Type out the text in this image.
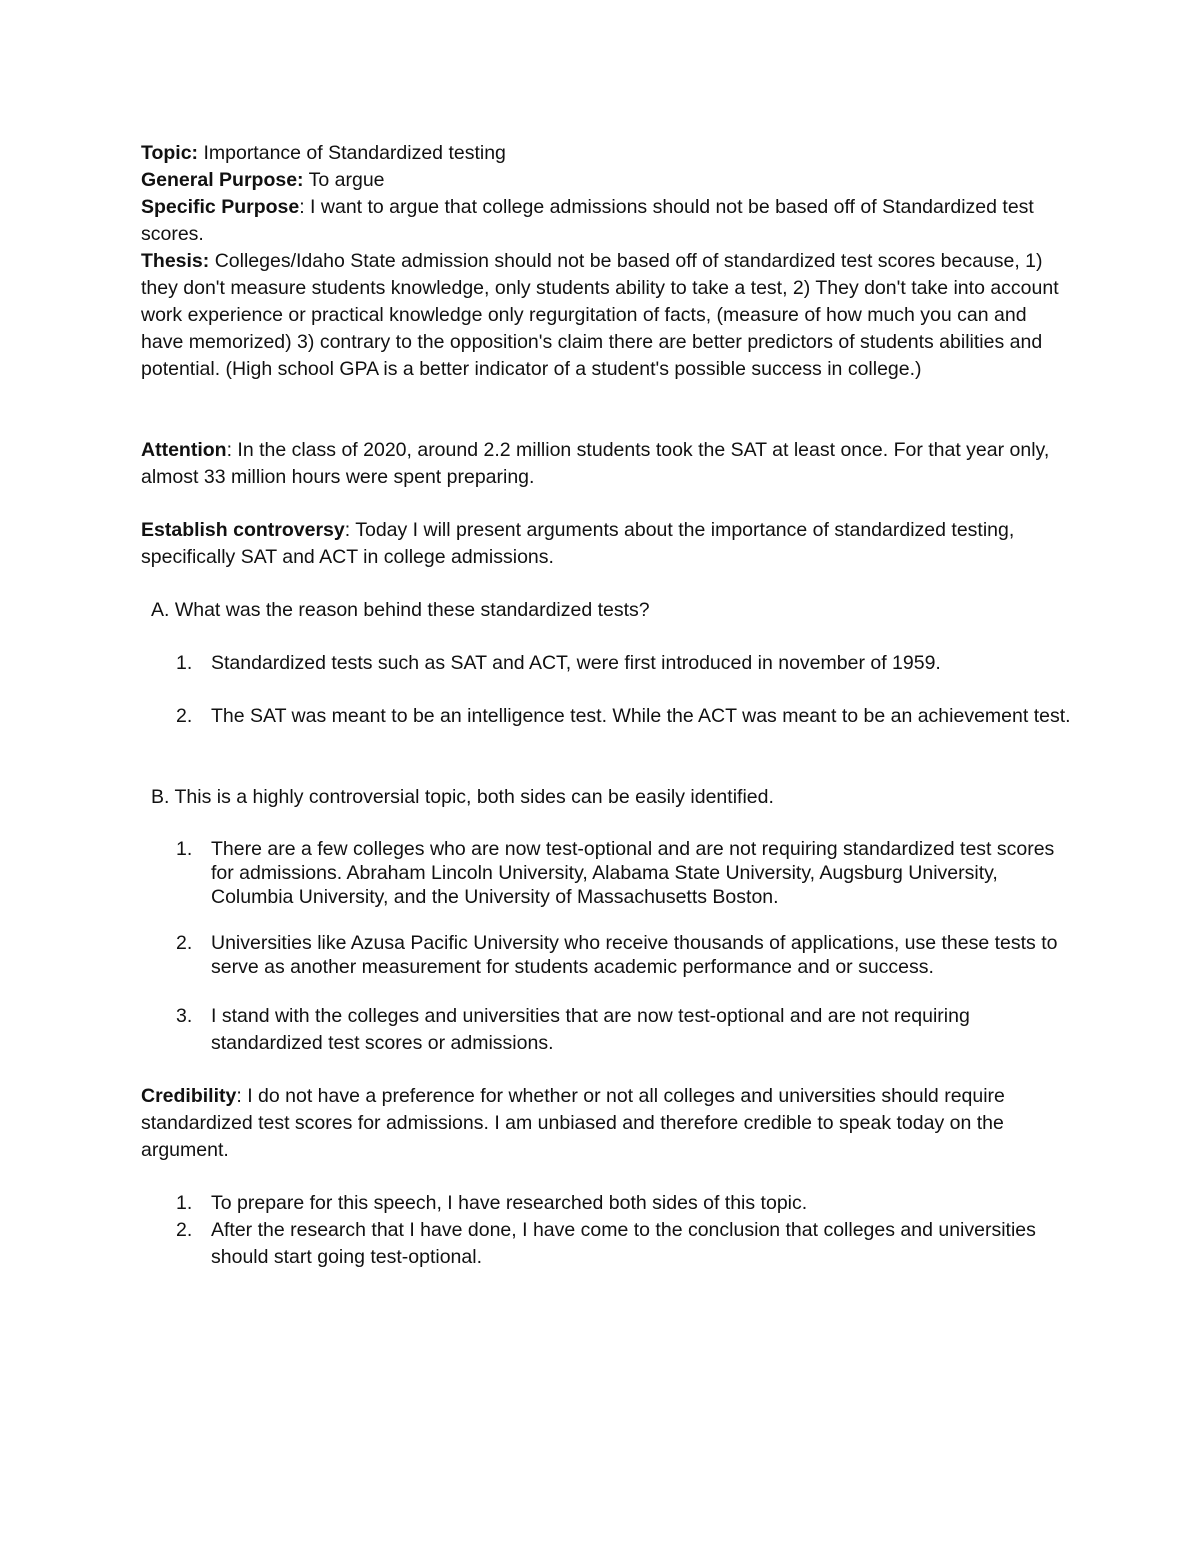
Topic: Importance of Standardized testing

General Purpose: To argue

Specific Purpose: I want to argue that college admissions should not be based off of Standardized test scores.

Thesis: Colleges/Idaho State admission should not be based off of standardized test scores because, 1) they don't measure students knowledge, only students ability to take a test, 2) They don't take into account work experience or practical knowledge only regurgitation of facts, (measure of how much you can and have memorized) 3) contrary to the opposition's claim there are better predictors of students abilities and potential. (High school GPA is a better indicator of a student's possible success in college.)

Attention: In the class of 2020, around 2.2 million students took the SAT at least once. For that year only, almost 33 million hours were spent preparing.

Establish controversy: Today I will present arguments about the importance of standardized testing, specifically SAT and ACT in college admissions.

A. What was the reason behind these standardized tests?

1. Standardized tests such as SAT and ACT, were first introduced in november of 1959.
2. The SAT was meant to be an intelligence test. While the ACT was meant to be an achievement test.

B. This is a highly controversial topic, both sides can be easily identified.

1. There are a few colleges who are now test-optional and are not requiring standardized test scores for admissions. Abraham Lincoln University, Alabama State University, Augsburg University, Columbia University, and the University of Massachusetts Boston.
2. Universities like Azusa Pacific University who receive thousands of applications, use these tests to serve as another measurement for students academic performance and or success.
3. I stand with the colleges and universities that are now test-optional and are not requiring standardized test scores or admissions.

Credibility: I do not have a preference for whether or not all colleges and universities should require standardized test scores for admissions. I am unbiased and therefore credible to speak today on the argument.

1. To prepare for this speech, I have researched both sides of this topic.
2. After the research that I have done, I have come to the conclusion that colleges and universities should start going test-optional.
